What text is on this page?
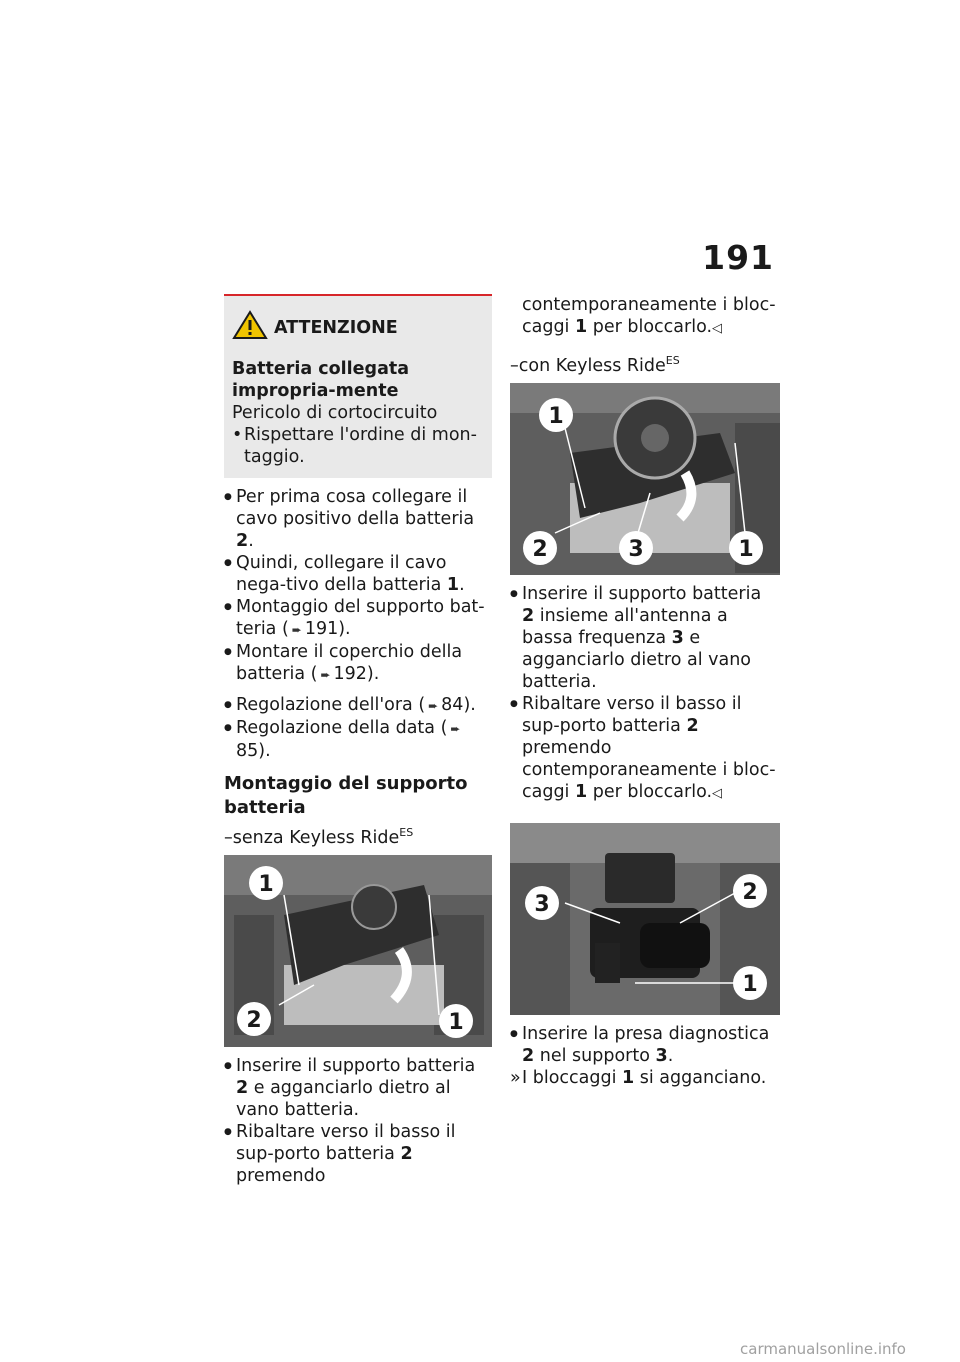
191
ATTENZIONE
Batteria collegata impropria-mente
Pericolo di cortocircuito
• Rispettare l'ordine di mon-taggio.
● Per prima cosa collegare il cavo positivo della batteria 2.
● Quindi, collegare il cavo nega-tivo della batteria 1.
● Montaggio del supporto bat-teria ( ➨ 191).
● Montare il coperchio della batteria ( ➨ 192).
● Regolazione dell'ora ( ➨ 84).
● Regolazione della data ( ➨85).
Montaggio del supporto batteria
–senza Keyless Ride$^{ES}$
1
2	1
● Inserire il supporto batteria 2 e agganciarlo dietro al vano batteria.
● Ribaltare verso il basso il sup-porto batteria 2 premendo
contemporaneamente i bloc-caggi 1 per bloccarlo.◁
–con Keyless Ride$^{ES}$
1
2	3	1
● Inserire il supporto batteria 2 insieme all'antenna a bassa frequenza 3 e agganciarlo dietro al vano batteria.
● Ribaltare verso il basso il sup-porto batteria 2 premendo contemporaneamente i bloc-caggi 1 per bloccarlo.◁
3	2
1
● Inserire la presa diagnostica 2 nel supporto 3.
» I bloccaggi 1 si agganciano.
carmanualsonline.info
